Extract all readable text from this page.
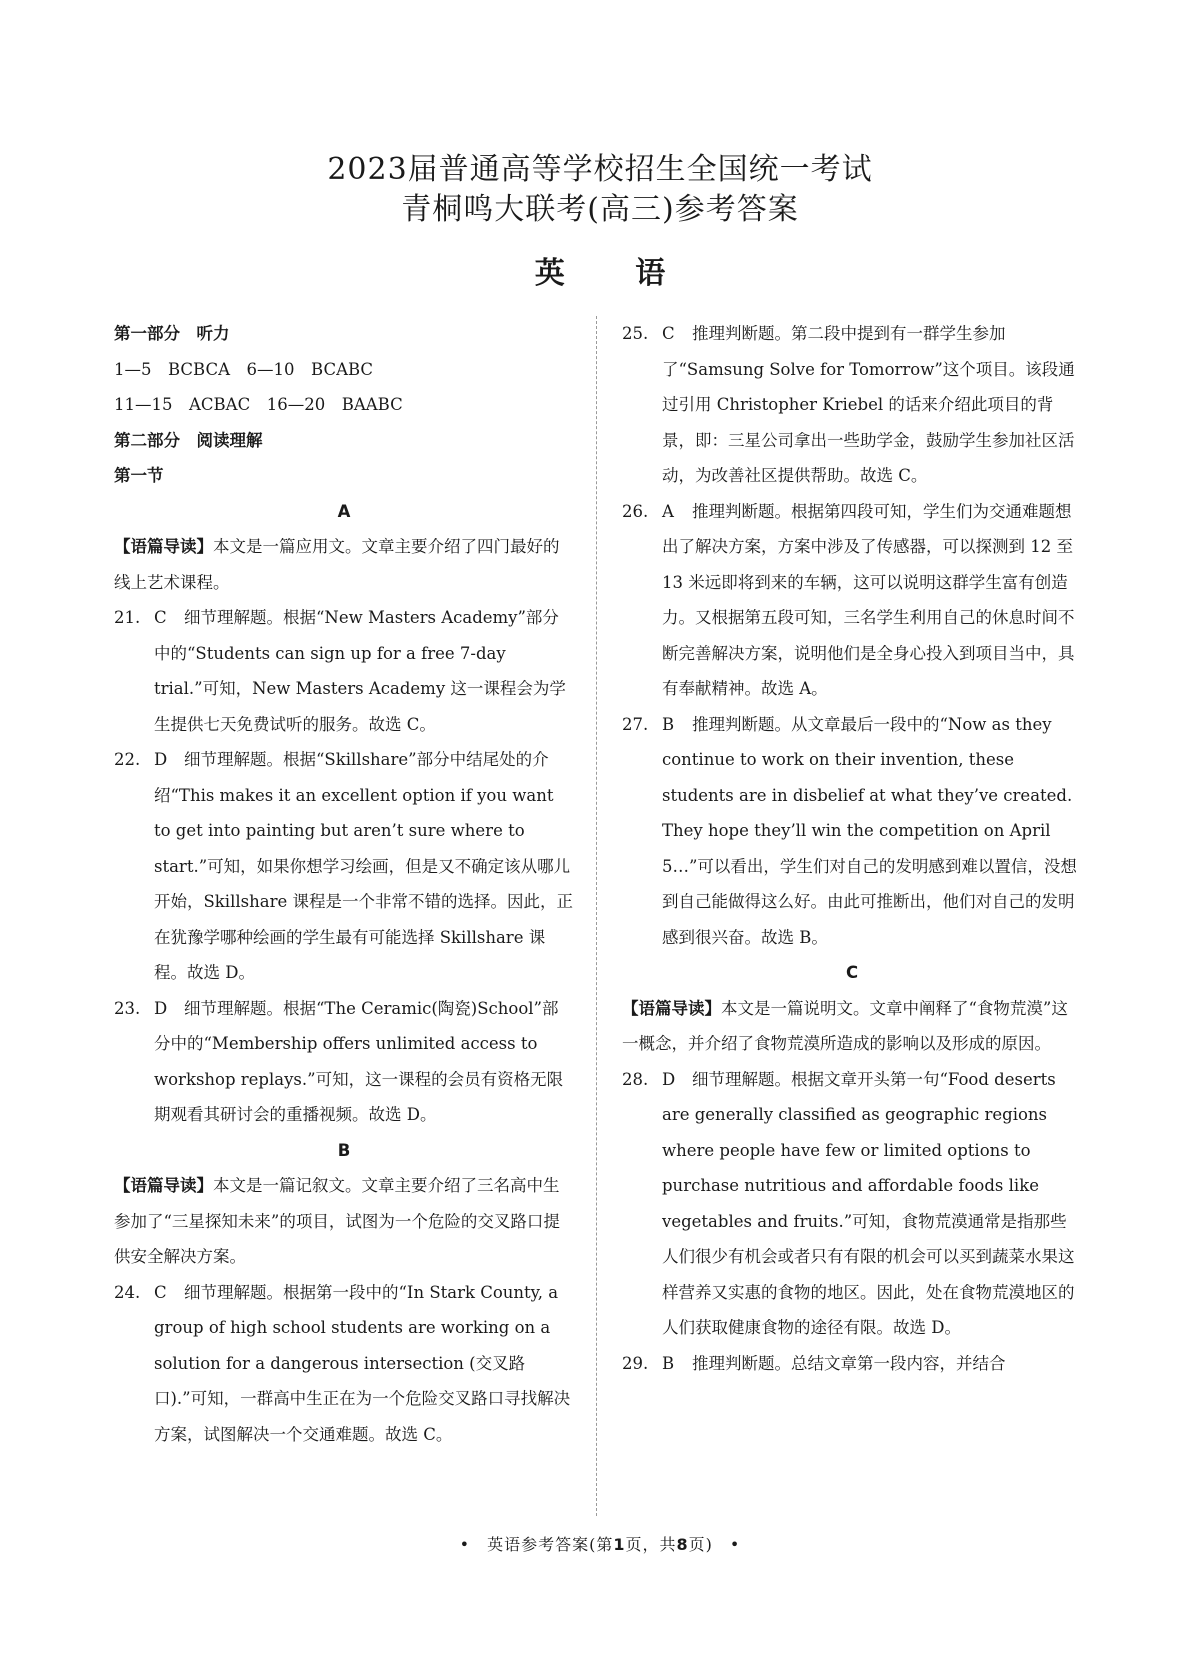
2023届普通高等学校招生全国统一考试
青桐鸣大联考(高三)参考答案
英 语

第一部分　听力

1—5　BCBCA　6—10　BCABC

11—15　ACBAC　16—20　BAABC

第二部分　阅读理解

第一节

A

【语篇导读】本文是一篇应用文。文章主要介绍了四门最好的线上艺术课程。

21. C 细节理解题。根据“New Masters Academy”部分中的“Students can sign up for a free 7-day trial.”可知，New Masters Academy 这一课程会为学生提供七天免费试听的服务。故选 C。
22. D 细节理解题。根据“Skillshare”部分中结尾处的介绍“This makes it an excellent option if you want to get into painting but aren’t sure where to start.”可知，如果你想学习绘画，但是又不确定该从哪儿开始，Skillshare 课程是一个非常不错的选择。因此，正在犹豫学哪种绘画的学生最有可能选择 Skillshare 课程。故选 D。
23. D 细节理解题。根据“The Ceramic(陶瓷)School”部分中的“Membership offers unlimited access to workshop replays.”可知，这一课程的会员有资格无限期观看其研讨会的重播视频。故选 D。

B

【语篇导读】本文是一篇记叙文。文章主要介绍了三名高中生参加了“三星探知未来”的项目，试图为一个危险的交叉路口提供安全解决方案。

24. C 细节理解题。根据第一段中的“In Stark County, a group of high school students are working on a solution for a dangerous intersection (交叉路口).”可知，一群高中生正在为一个危险交叉路口寻找解决方案，试图解决一个交通难题。故选 C。
25. C 推理判断题。第二段中提到有一群学生参加了“Samsung Solve for Tomorrow”这个项目。该段通过引用 Christopher Kriebel 的话来介绍此项目的背景，即：三星公司拿出一些助学金，鼓励学生参加社区活动，为改善社区提供帮助。故选 C。
26. A 推理判断题。根据第四段可知，学生们为交通难题想出了解决方案，方案中涉及了传感器，可以探测到 12 至 13 米远即将到来的车辆，这可以说明这群学生富有创造力。又根据第五段可知，三名学生利用自己的休息时间不断完善解决方案，说明他们是全身心投入到项目当中，具有奉献精神。故选 A。
27. B 推理判断题。从文章最后一段中的“Now as they continue to work on their invention, these students are in disbelief at what they’ve created. They hope they’ll win the competition on April 5…”可以看出，学生们对自己的发明感到难以置信，没想到自己能做得这么好。由此可推断出，他们对自己的发明感到很兴奋。故选 B。

C

【语篇导读】本文是一篇说明文。文章中阐释了“食物荒漠”这一概念，并介绍了食物荒漠所造成的影响以及形成的原因。

28. D 细节理解题。根据文章开头第一句“Food deserts are generally classified as geographic regions where people have few or limited options to purchase nutritious and affordable foods like vegetables and fruits.”可知，食物荒漠通常是指那些人们很少有机会或者只有有限的机会可以买到蔬菜水果这样营养又实惠的食物的地区。因此，处在食物荒漠地区的人们获取健康食物的途径有限。故选 D。
29. B 推理判断题。总结文章第一段内容，并结合
•　英语参考答案(第1页，共8页)　•
